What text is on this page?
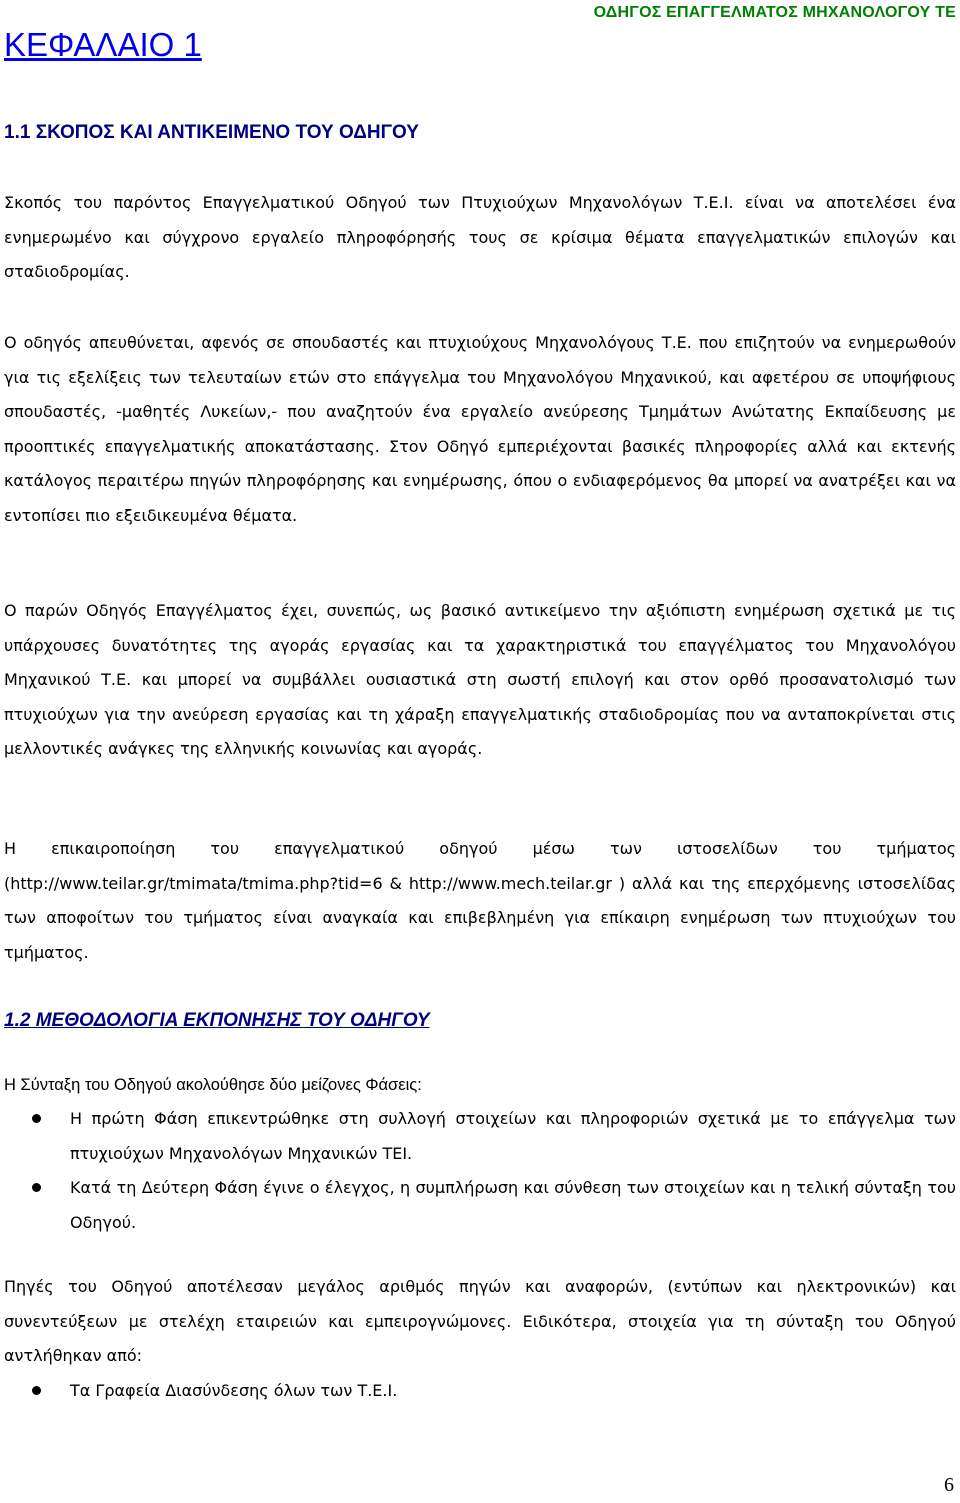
ΟΔΗΓΟΣ ΕΠΑΓΓΕΛΜΑΤΟΣ ΜΗΧΑΝΟΛΟΓΟΥ ΤΕ
ΚΕΦΑΛΑΙΟ 1
1.1 ΣΚΟΠΟΣ ΚΑΙ ΑΝΤΙΚΕΙΜΕΝΟ ΤΟΥ ΟΔΗΓΟΥ

Σκοπός του παρόντος Επαγγελματικού Οδηγού των Πτυχιούχων Μηχανολόγων Τ.Ε.Ι. είναι να αποτελέσει ένα ενημερωμένο και σύγχρονο εργαλείο πληροφόρησής τους σε κρίσιμα θέματα επαγγελματικών επιλογών και σταδιοδρομίας.

Ο οδηγός απευθύνεται, αφενός σε σπουδαστές και πτυχιούχους Μηχανολόγους Τ.Ε. που επιζητούν να ενημερωθούν για τις εξελίξεις των τελευταίων ετών στο επάγγελμα του Μηχανολόγου Μηχανικού, και αφετέρου σε υποψήφιους σπουδαστές, -μαθητές Λυκείων,- που αναζητούν ένα εργαλείο ανεύρεσης Τμημάτων Ανώτατης Εκπαίδευσης με προοπτικές επαγγελματικής αποκατάστασης. Στον Οδηγό εμπεριέχονται βασικές πληροφορίες αλλά και εκτενής κατάλογος περαιτέρω πηγών πληροφόρησης και ενημέρωσης, όπου ο ενδιαφερόμενος θα μπορεί να ανατρέξει και να εντοπίσει πιο εξειδικευμένα θέματα.

Ο παρών Οδηγός Επαγγέλματος έχει, συνεπώς, ως βασικό αντικείμενο την αξιόπιστη ενημέρωση σχετικά με τις υπάρχουσες δυνατότητες της αγοράς εργασίας και τα χαρακτηριστικά του επαγγέλματος του Μηχανολόγου Μηχανικού Τ.Ε. και μπορεί να συμβάλλει ουσιαστικά στη σωστή επιλογή και στον ορθό προσανατολισμό των πτυχιούχων για την ανεύρεση εργασίας και τη χάραξη επαγγελματικής σταδιοδρομίας που να ανταποκρίνεται στις μελλοντικές ανάγκες της ελληνικής κοινωνίας και αγοράς.

Η επικαιροποίηση του επαγγελματικού οδηγού μέσω των ιστοσελίδων του τμήματος (http://www.teilar.gr/tmimata/tmima.php?tid=6 & http://www.mech.teilar.gr ) αλλά και της επερχόμενης ιστοσελίδας των αποφοίτων του τμήματος είναι αναγκαία και επιβεβλημένη για επίκαιρη ενημέρωση των πτυχιούχων του τμήματος.

1.2 ΜΕΘΟΔΟΛΟΓΙΑ ΕΚΠΟΝΗΣΗΣ ΤΟΥ ΟΔΗΓΟΥ

Η Σύνταξη του Οδηγού ακολούθησε δύο μείζονες Φάσεις:

Η πρώτη Φάση επικεντρώθηκε στη συλλογή στοιχείων και πληροφοριών σχετικά με το επάγγελμα των πτυχιούχων Μηχανολόγων Μηχανικών ΤΕΙ.
Κατά τη Δεύτερη Φάση έγινε ο έλεγχος, η συμπλήρωση και σύνθεση των στοιχείων και η τελική σύνταξη του Οδηγού.

Πηγές του Οδηγού αποτέλεσαν μεγάλος αριθμός πηγών και αναφορών, (εντύπων και ηλεκτρονικών) και συνεντεύξεων με στελέχη εταιρειών και εμπειρογνώμονες. Ειδικότερα, στοιχεία για τη σύνταξη του Οδηγού αντλήθηκαν από:

Τα Γραφεία Διασύνδεσης όλων των Τ.Ε.Ι.
6
